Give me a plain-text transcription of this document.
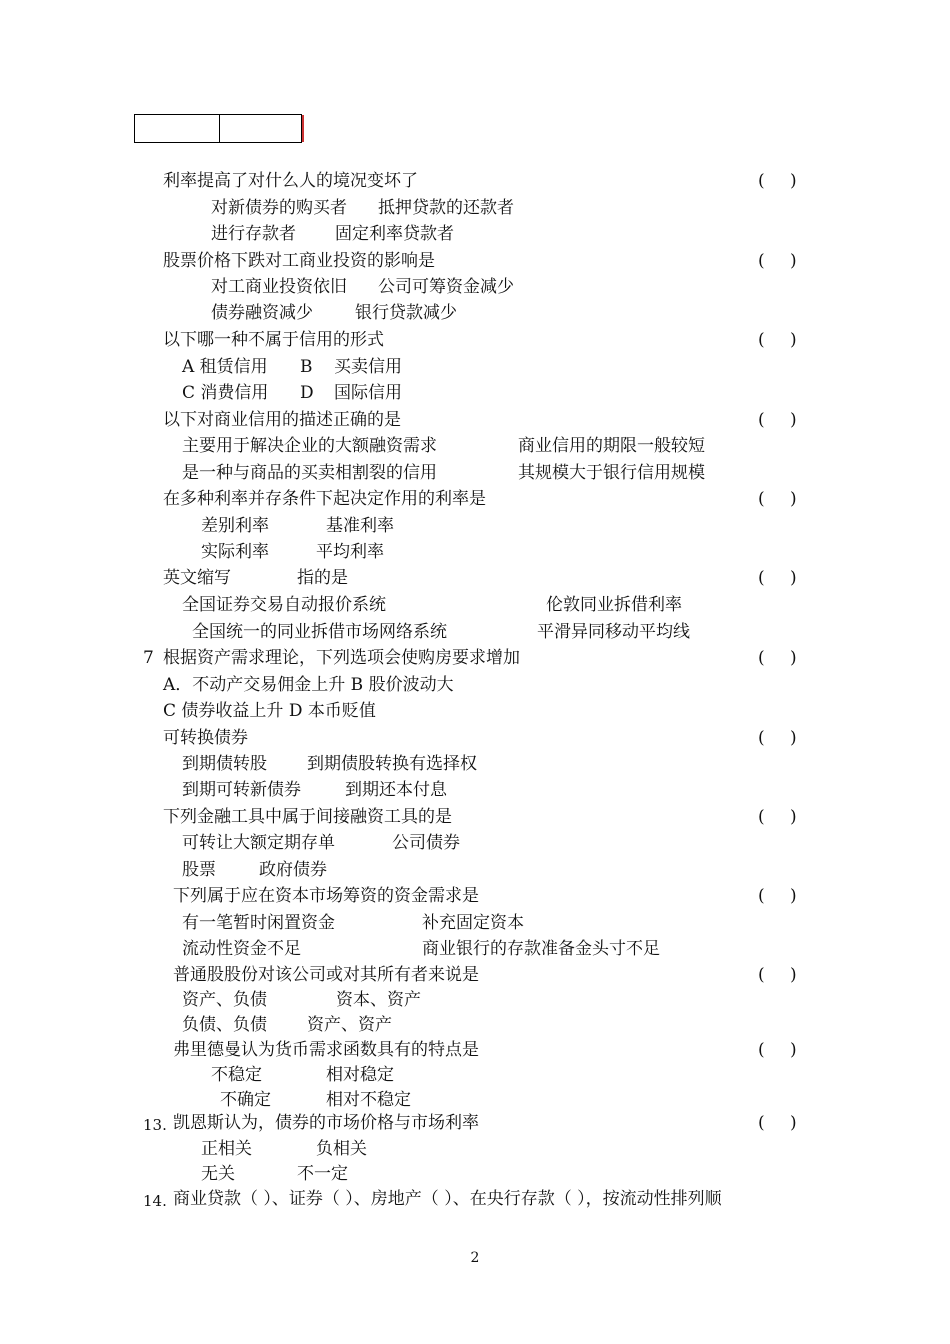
利率提高了对什么人的境况变坏了	( )
对新债券的购买者 抵押贷款的还款者
进行存款者 固定利率贷款者
股票价格下跌对工商业投资的影响是	( )
对工商业投资依旧 公司可筹资金减少
债券融资减少 银行贷款减少
以下哪一种不属于信用的形式	( )
A 租赁信用 B 买卖信用
C 消费信用 D 国际信用
以下对商业信用的描述正确的是	( )
主要用于解决企业的大额融资需求	商业信用的期限一般较短
是一种与商品的买卖相割裂的信用	其规模大于银行信用规模
在多种利率并存条件下起决定作用的利率是	( )
差别利率	基准利率
实际利率	平均利率
英文缩写	指的是	( )
全国证券交易自动报价系统	伦敦同业拆借利率
全国统一的同业拆借市场网络系统	平滑异同移动平均线
7 根据资产需求理论，下列选项会使购房要求增加	( )
A．不动产交易佣金上升 B 股价波动大
C 债券收益上升 D 本币贬值
可转换债券	( )
到期债转股 到期债股转换有选择权
到期可转新债券	到期还本付息
下列金融工具中属于间接融资工具的是	( )
可转让大额定期存单	公司债券
股票	政府债券
下列属于应在资本市场筹资的资金需求是	( )
有一笔暂时闲置资金	补充固定资本
流动性资金不足	商业银行的存款准备金头寸不足
普通股股份对该公司或对其所有者来说是	( )
资产、负债	资本、资产
负债、负债 资产、资产
弗里德曼认为货币需求函数具有的特点是	( )
不稳定	相对稳定
不确定	相对不稳定
13. 凯恩斯认为，债券的市场价格与市场利率	( )
正相关	负相关
无关	不一定
14. 商业贷款（ ）、证券（ ）、房地产（ ）、在央行存款（ ），按流动性排列顺
2
